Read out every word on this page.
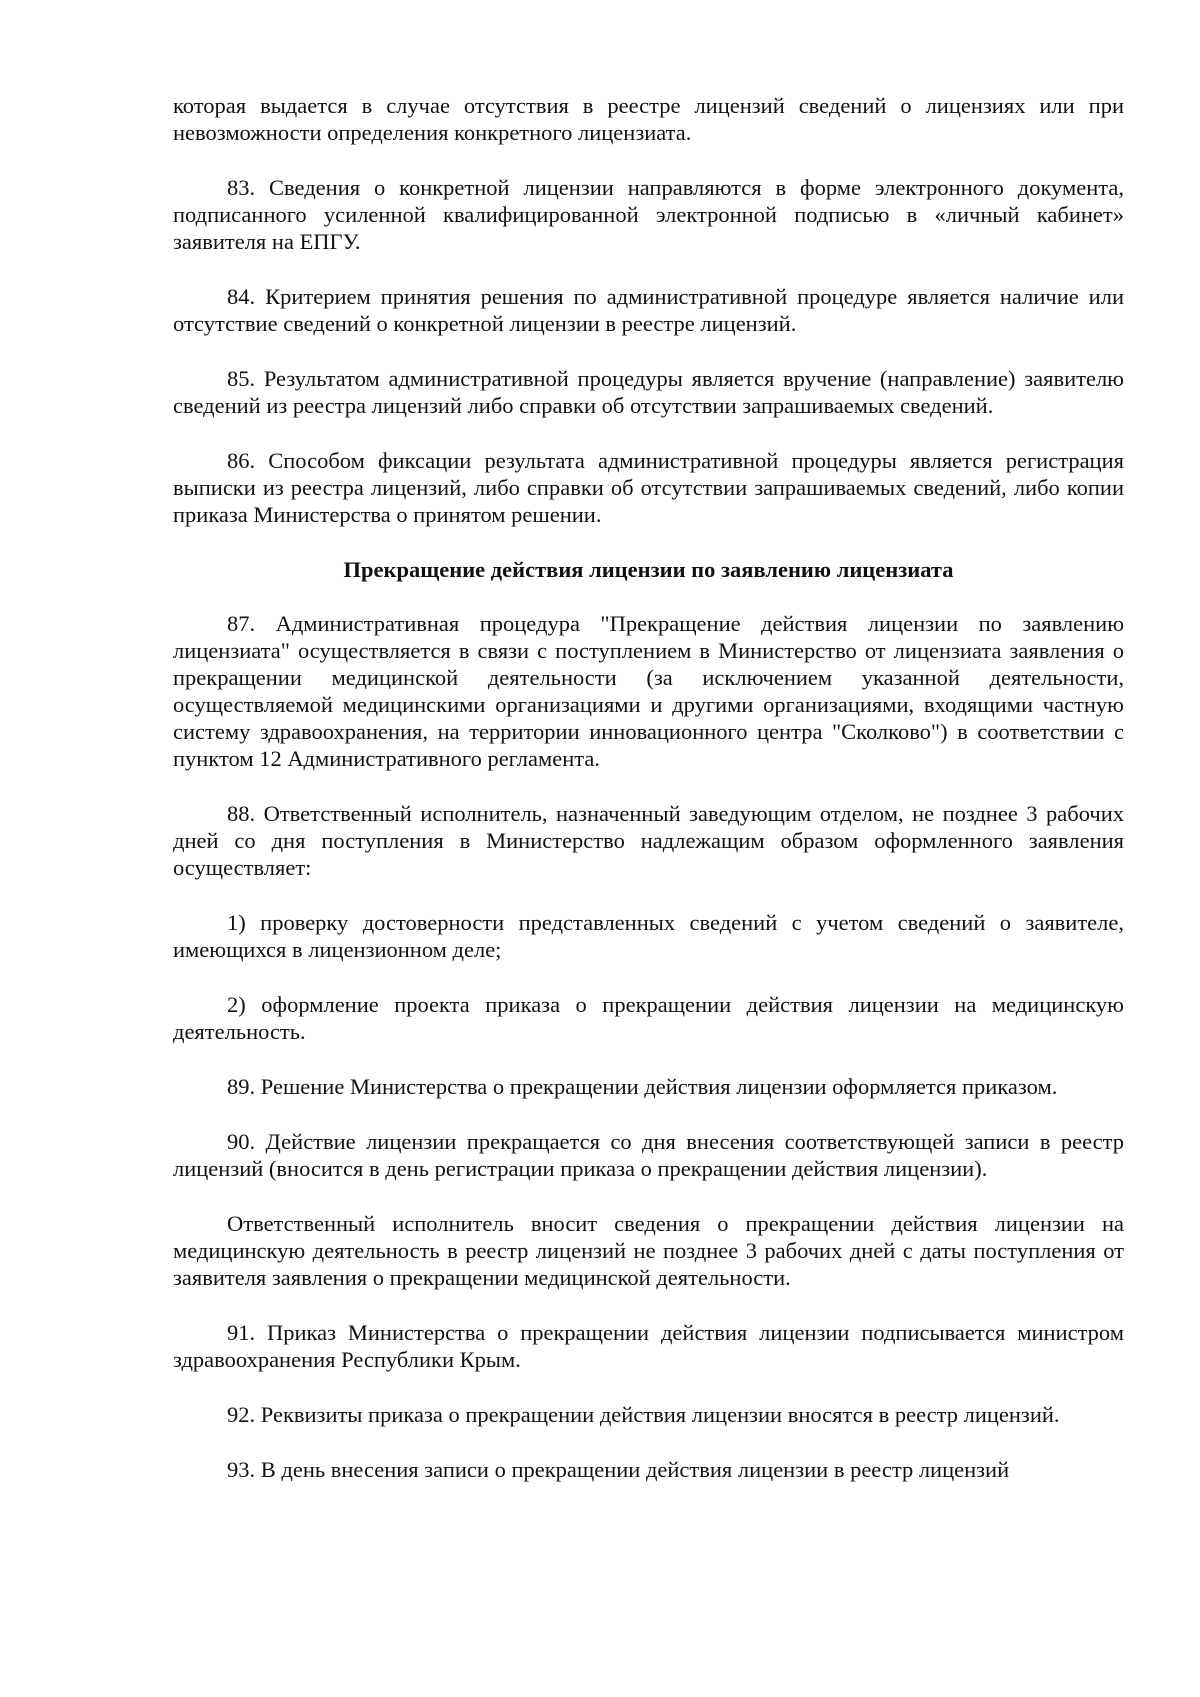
которая выдается в случае отсутствия в реестре лицензий сведений о лицензиях или при невозможности определения конкретного лицензиата.

83. Сведения о конкретной лицензии направляются в форме электронного документа, подписанного усиленной квалифицированной электронной подписью в «личный кабинет» заявителя на ЕПГУ.

84. Критерием принятия решения по административной процедуре является наличие или отсутствие сведений о конкретной лицензии в реестре лицензий.

85. Результатом административной процедуры является вручение (направление) заявителю сведений из реестра лицензий либо справки об отсутствии запрашиваемых сведений.

86. Способом фиксации результата административной процедуры является регистрация выписки из реестра лицензий, либо справки об отсутствии запрашиваемых сведений, либо копии приказа Министерства о принятом решении.

Прекращение действия лицензии по заявлению лицензиата

87. Административная процедура "Прекращение действия лицензии по заявлению лицензиата" осуществляется в связи с поступлением в Министерство от лицензиата заявления о прекращении медицинской деятельности (за исключением указанной деятельности, осуществляемой медицинскими организациями и другими организациями, входящими частную систему здравоохранения, на территории инновационного центра "Сколково") в соответствии с пунктом 12 Административного регламента.

88. Ответственный исполнитель, назначенный заведующим отделом, не позднее 3 рабочих дней со дня поступления в Министерство надлежащим образом оформленного заявления осуществляет:

1) проверку достоверности представленных сведений с учетом сведений о заявителе, имеющихся в лицензионном деле;

2) оформление проекта приказа о прекращении действия лицензии на медицинскую деятельность.

89. Решение Министерства о прекращении действия лицензии оформляется приказом.

90. Действие лицензии прекращается со дня внесения соответствующей записи в реестр лицензий (вносится в день регистрации приказа о прекращении действия лицензии).

Ответственный исполнитель вносит сведения о прекращении действия лицензии на медицинскую деятельность в реестр лицензий не позднее 3 рабочих дней с даты поступления от заявителя заявления о прекращении медицинской деятельности.

91. Приказ Министерства о прекращении действия лицензии подписывается министром здравоохранения Республики Крым.

92. Реквизиты приказа о прекращении действия лицензии вносятся в реестр лицензий.

93. В день внесения записи о прекращении действия лицензии в реестр лицензий
